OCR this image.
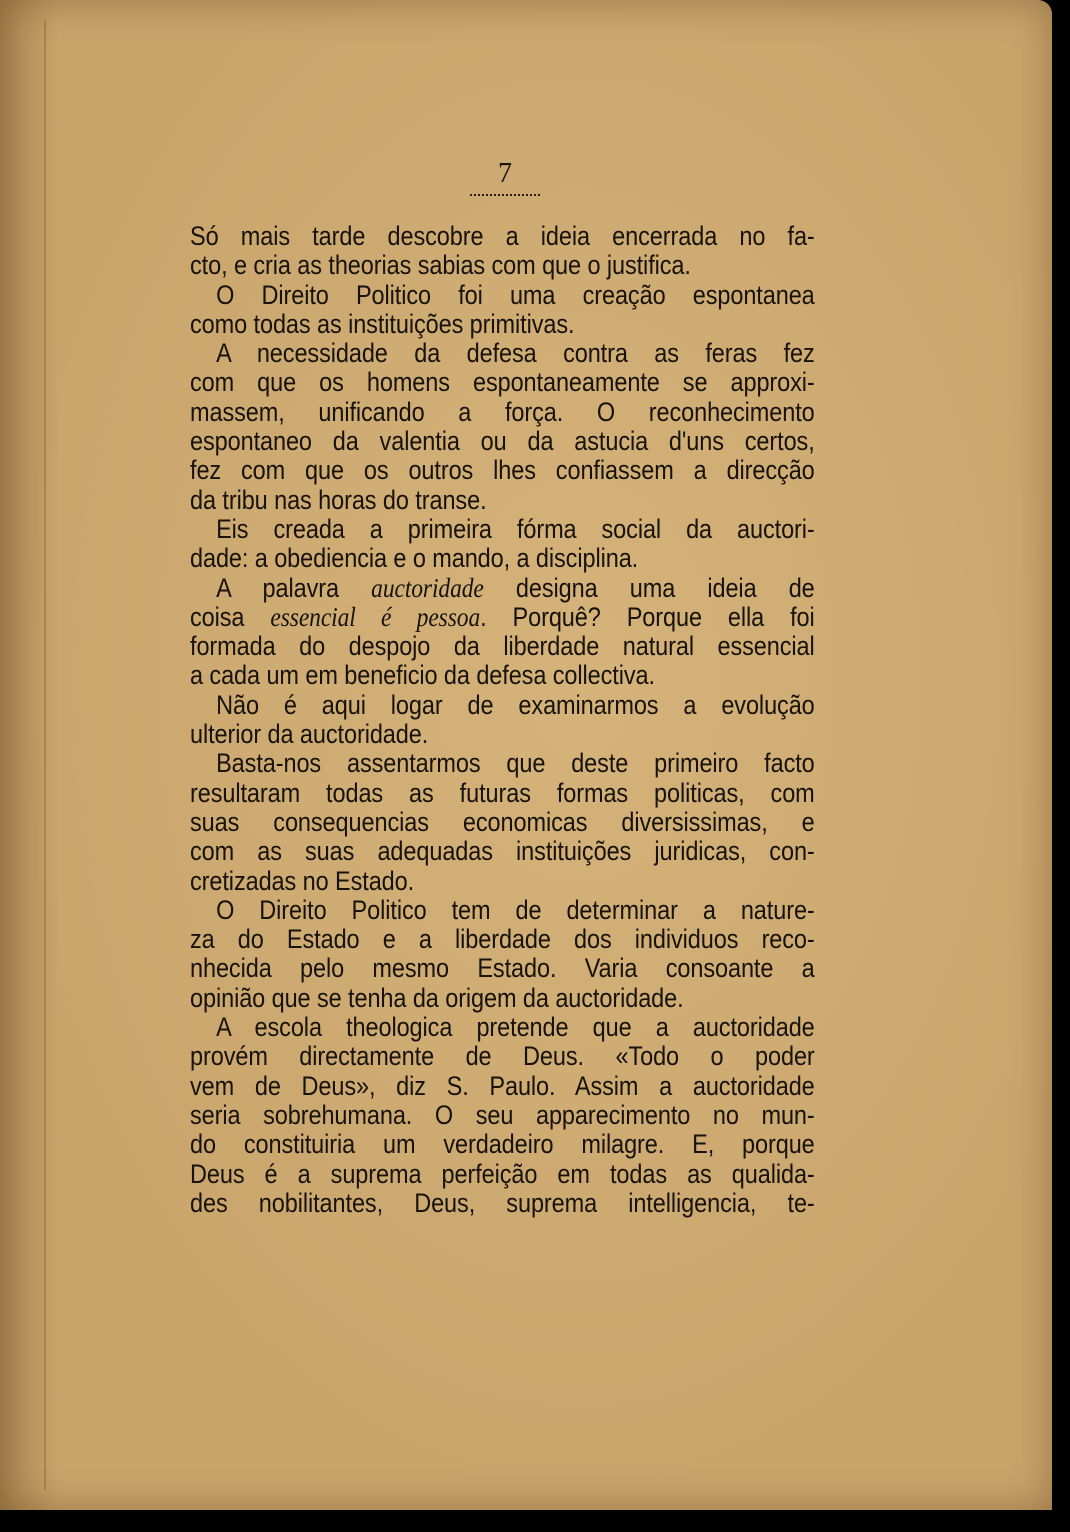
7
Só mais tarde descobre a ideia encerrada no fa-
cto, e cria as theorias sabias com que o justifica.
O Direito Politico foi uma creação espontanea
como todas as instituições primitivas.
A necessidade da defesa contra as feras fez
com que os homens espontaneamente se approxi-
massem, unificando a força. O reconhecimento
espontaneo da valentia ou da astucia d'uns certos,
fez com que os outros lhes confiassem a direcção
da tribu nas horas do transe.
Eis creada a primeira fórma social da auctori-
dade: a obediencia e o mando, a disciplina.
A palavra auctoridade designa uma ideia de
coisa essencial é pessoa. Porquê? Porque ella foi
formada do despojo da liberdade natural essencial
a cada um em beneficio da defesa collectiva.
Não é aqui logar de examinarmos a evolução
ulterior da auctoridade.
Basta-nos assentarmos que deste primeiro facto
resultaram todas as futuras formas politicas, com
suas consequencias economicas diversissimas, e
com as suas adequadas instituições juridicas, con-
cretizadas no Estado.
O Direito Politico tem de determinar a nature-
za do Estado e a liberdade dos individuos reco-
nhecida pelo mesmo Estado. Varia consoante a
opinião que se tenha da origem da auctoridade.
A escola theologica pretende que a auctoridade
provém directamente de Deus. «Todo o poder
vem de Deus», diz S. Paulo. Assim a auctoridade
seria sobrehumana. O seu apparecimento no mun-
do constituiria um verdadeiro milagre. E, porque
Deus é a suprema perfeição em todas as qualida-
des nobilitantes, Deus, suprema intelligencia, te-
